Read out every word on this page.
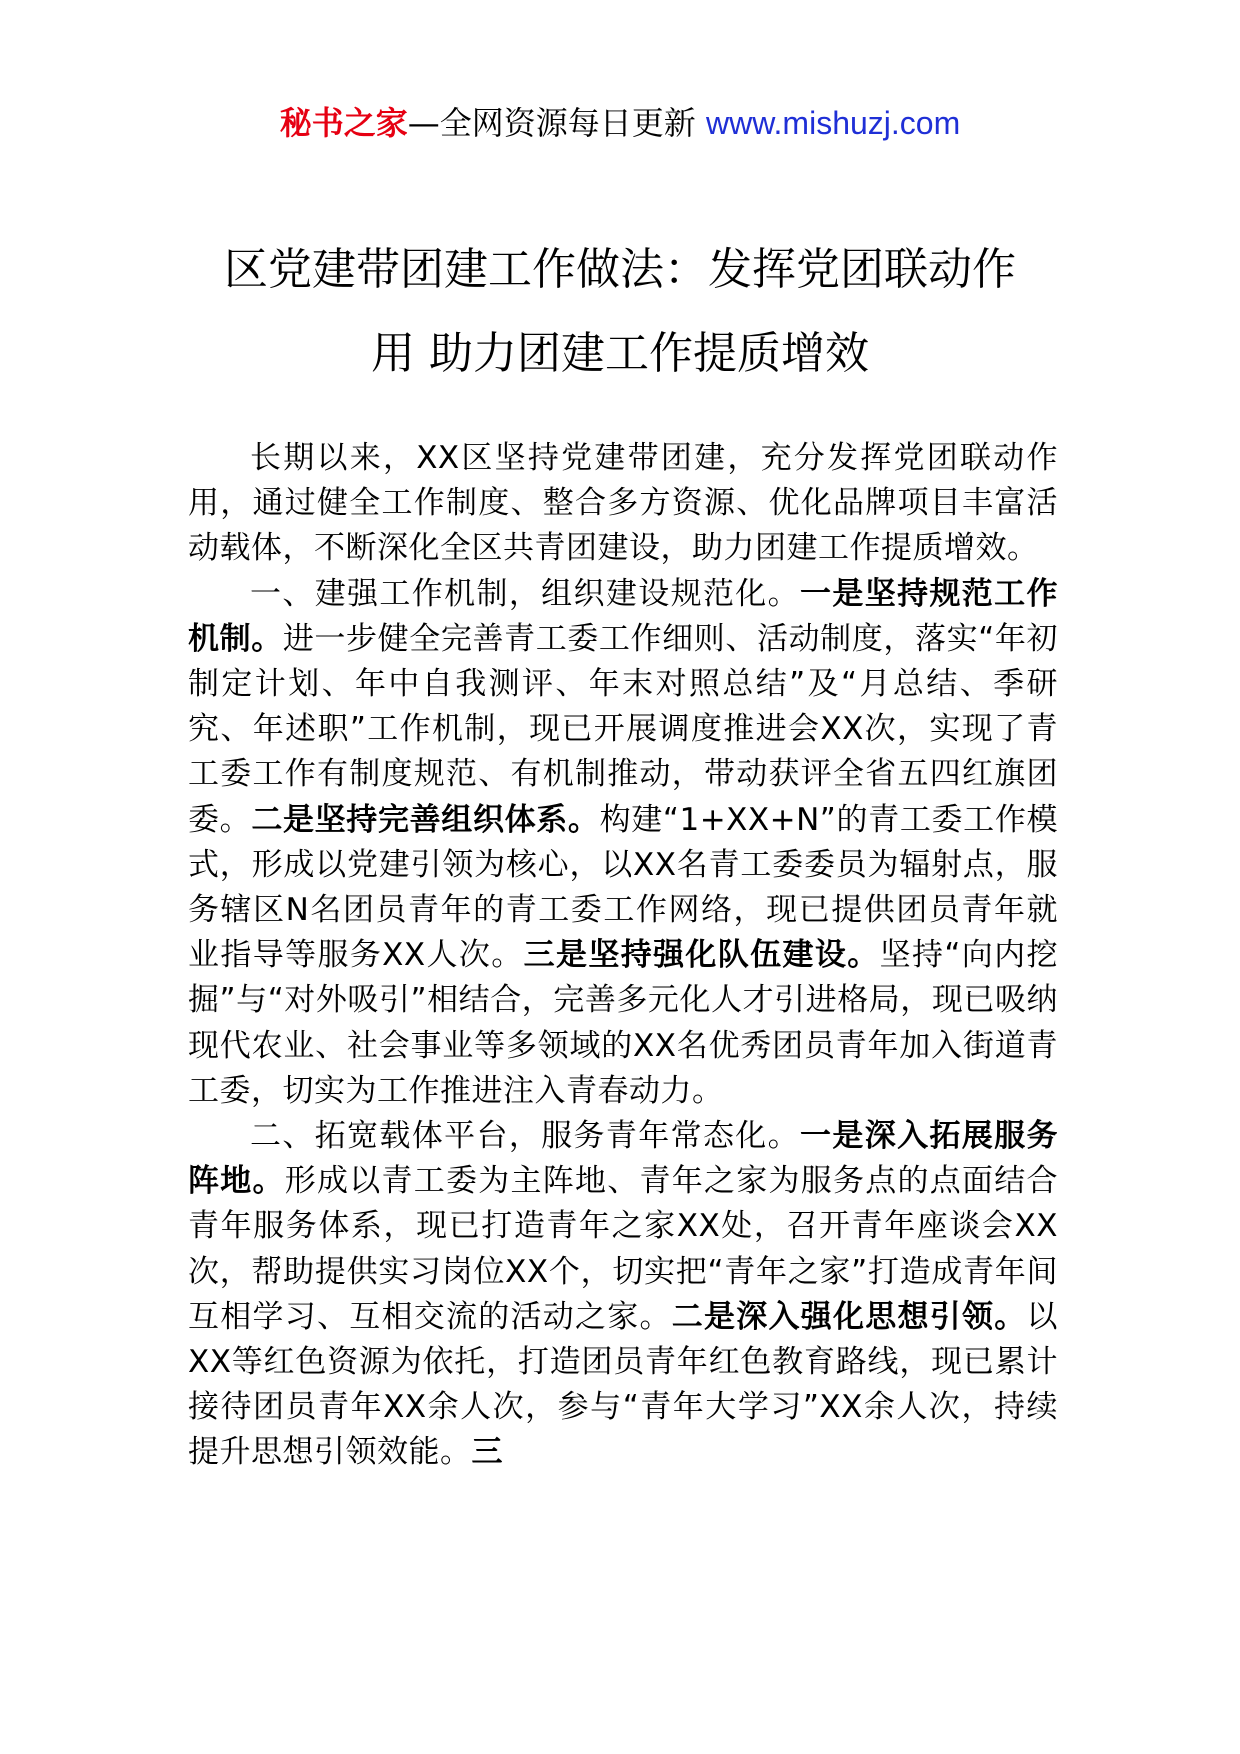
秘书之家—全网资源每日更新 www.mishuzj.com
区党建带团建工作做法：发挥党团联动作
用 助力团建工作提质增效

长期以来，XX区坚持党建带团建，充分发挥党团联动作用，通过健全工作制度、整合多方资源、优化品牌项目丰富活动载体，不断深化全区共青团建设，助力团建工作提质增效。

一、建强工作机制，组织建设规范化。一是坚持规范工作机制。进一步健全完善青工委工作细则、活动制度，落实“年初制定计划、年中自我测评、年末对照总结”及“月总结、季研究、年述职”工作机制，现已开展调度推进会XX次，实现了青工委工作有制度规范、有机制推动，带动获评全省五四红旗团委。二是坚持完善组织体系。构建“1+XX+N”的青工委工作模式，形成以党建引领为核心，以XX名青工委委员为辐射点，服务辖区N名团员青年的青工委工作网络，现已提供团员青年就业指导等服务XX人次。三是坚持强化队伍建设。坚持“向内挖掘”与“对外吸引”相结合，完善多元化人才引进格局，现已吸纳现代农业、社会事业等多领域的XX名优秀团员青年加入街道青工委，切实为工作推进注入青春动力。

二、拓宽载体平台，服务青年常态化。一是深入拓展服务阵地。形成以青工委为主阵地、青年之家为服务点的点面结合青年服务体系，现已打造青年之家XX处，召开青年座谈会XX次，帮助提供实习岗位XX个，切实把“青年之家”打造成青年间互相学习、互相交流的活动之家。二是深入强化思想引领。以XX等红色资源为依托，打造团员青年红色教育路线，现已累计接待团员青年XX余人次，参与“青年大学习”XX余人次，持续提升思想引领效能。三
